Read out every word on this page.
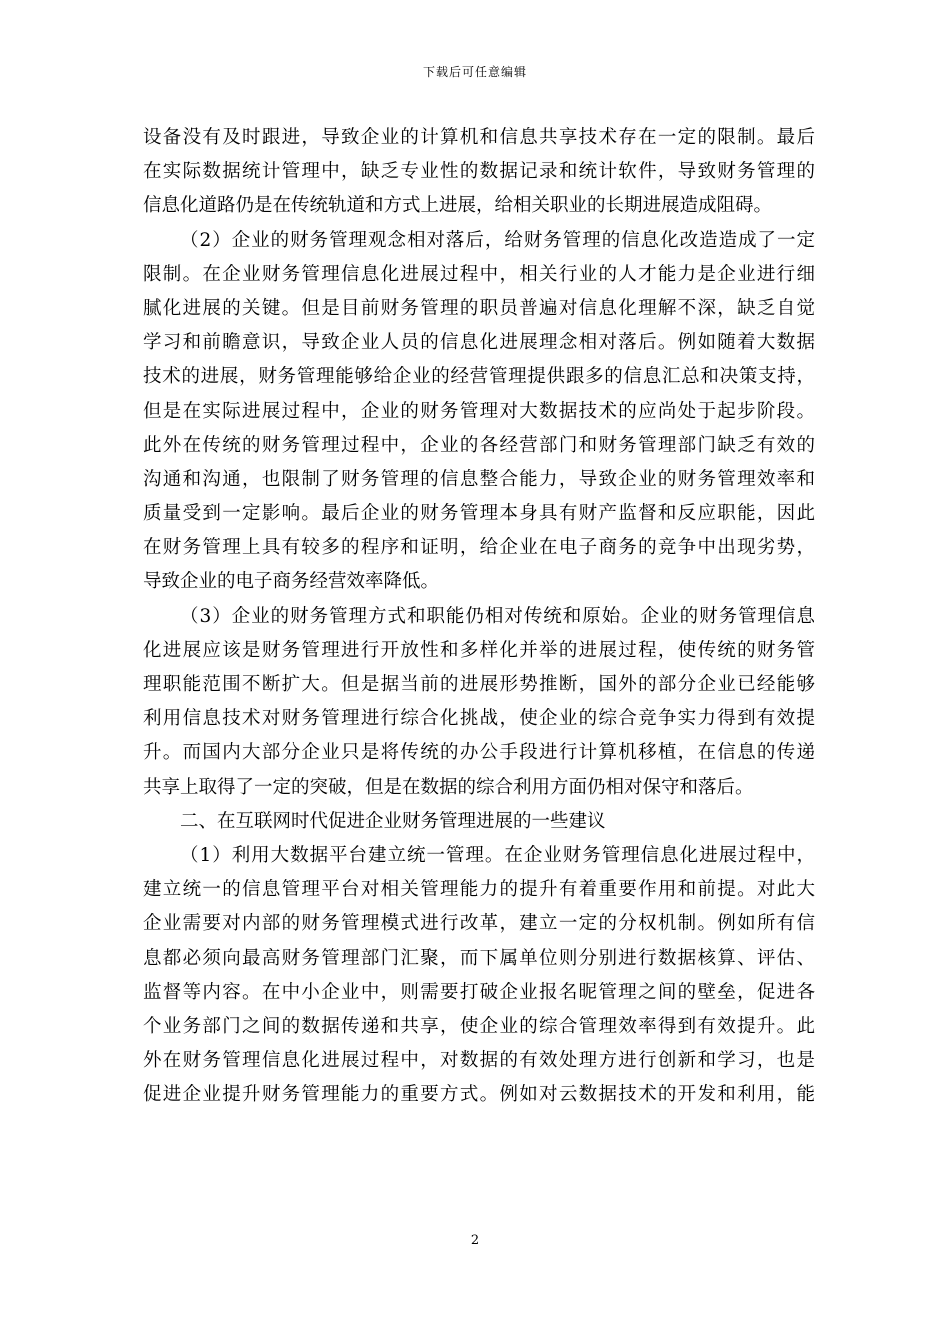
下载后可任意编辑
设备没有及时跟进，导致企业的计算机和信息共享技术存在一定的限制。最后
在实际数据统计管理中，缺乏专业性的数据记录和统计软件，导致财务管理的
信息化道路仍是在传统轨道和方式上进展，给相关职业的长期进展造成阻碍。
（2）企业的财务管理观念相对落后，给财务管理的信息化改造造成了一定
限制。在企业财务管理信息化进展过程中，相关行业的人才能力是企业进行细
腻化进展的关键。但是目前财务管理的职员普遍对信息化理解不深，缺乏自觉
学习和前瞻意识，导致企业人员的信息化进展理念相对落后。例如随着大数据
技术的进展，财务管理能够给企业的经营管理提供跟多的信息汇总和决策支持，
但是在实际进展过程中，企业的财务管理对大数据技术的应尚处于起步阶段。
此外在传统的财务管理过程中，企业的各经营部门和财务管理部门缺乏有效的
沟通和沟通，也限制了财务管理的信息整合能力，导致企业的财务管理效率和
质量受到一定影响。最后企业的财务管理本身具有财产监督和反应职能，因此
在财务管理上具有较多的程序和证明，给企业在电子商务的竞争中出现劣势，
导致企业的电子商务经营效率降低。
（3）企业的财务管理方式和职能仍相对传统和原始。企业的财务管理信息
化进展应该是财务管理进行开放性和多样化并举的进展过程，使传统的财务管
理职能范围不断扩大。但是据当前的进展形势推断，国外的部分企业已经能够
利用信息技术对财务管理进行综合化挑战，使企业的综合竞争实力得到有效提
升。而国内大部分企业只是将传统的办公手段进行计算机移植，在信息的传递
共享上取得了一定的突破，但是在数据的综合利用方面仍相对保守和落后。
二、在互联网时代促进企业财务管理进展的一些建议
（1）利用大数据平台建立统一管理。在企业财务管理信息化进展过程中，
建立统一的信息管理平台对相关管理能力的提升有着重要作用和前提。对此大
企业需要对内部的财务管理模式进行改革，建立一定的分权机制。例如所有信
息都必须向最高财务管理部门汇聚，而下属单位则分别进行数据核算、评估、
监督等内容。在中小企业中，则需要打破企业报名昵管理之间的壁垒，促进各
个业务部门之间的数据传递和共享，使企业的综合管理效率得到有效提升。此
外在财务管理信息化进展过程中，对数据的有效处理方进行创新和学习，也是
促进企业提升财务管理能力的重要方式。例如对云数据技术的开发和利用，能
2
